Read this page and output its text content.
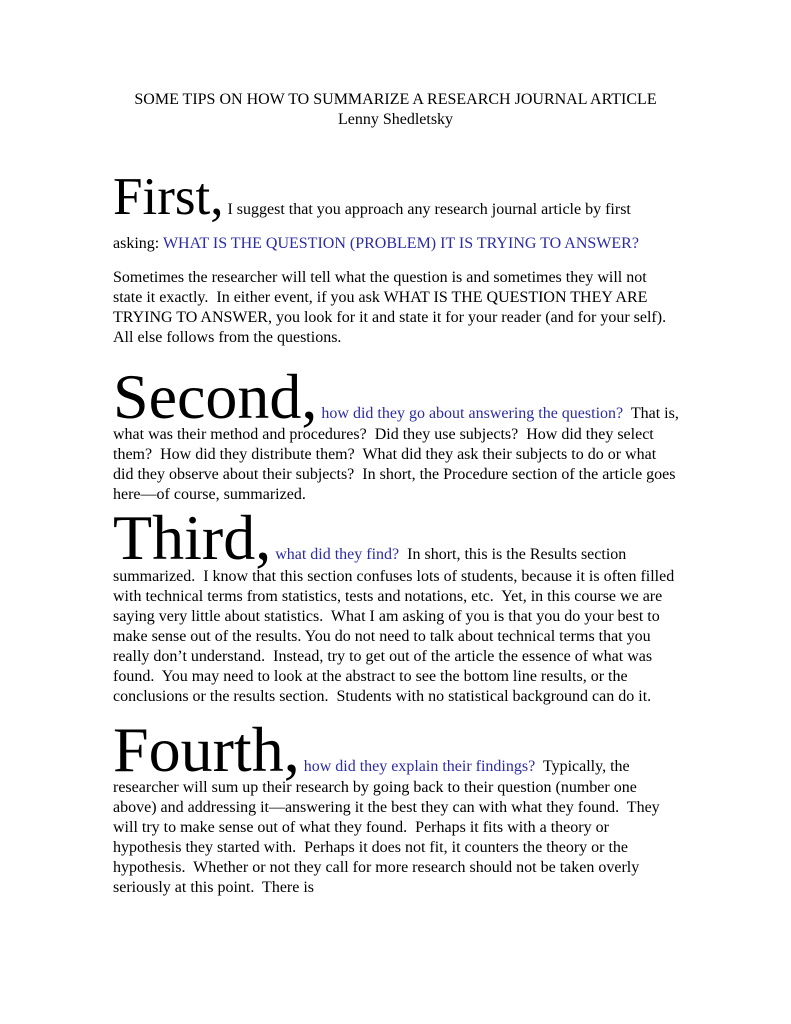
SOME TIPS ON HOW TO SUMMARIZE A RESEARCH JOURNAL ARTICLE
Lenny Shedletsky

First, I suggest that you approach any research journal article by first

asking: WHAT IS THE QUESTION (PROBLEM) IT IS TRYING TO ANSWER?

Sometimes the researcher will tell what the question is and sometimes they will not state it exactly.  In either event, if you ask WHAT IS THE QUESTION THEY ARE TRYING TO ANSWER, you look for it and state it for your reader (and for your self).  All else follows from the questions.

Second, how did they go about answering the question?  That is,

what was their method and procedures?  Did they use subjects?  How did they select them?  How did they distribute them?  What did they ask their subjects to do or what did they observe about their subjects?  In short, the Procedure section of the article goes here—of course, summarized.

Third, what did they find?  In short, this is the Results section

summarized.  I know that this section confuses lots of students, because it is often filled with technical terms from statistics, tests and notations, etc.  Yet, in this course we are saying very little about statistics.  What I am asking of you is that you do your best to make sense out of the results. You do not need to talk about technical terms that you really don’t understand.  Instead, try to get out of the article the essence of what was found.  You may need to look at the abstract to see the bottom line results, or the conclusions or the results section.  Students with no statistical background can do it.

Fourth, how did they explain their findings?  Typically, the

researcher will sum up their research by going back to their question (number one above) and addressing it—answering it the best they can with what they found.  They will try to make sense out of what they found.  Perhaps it fits with a theory or hypothesis they started with.  Perhaps it does not fit, it counters the theory or the hypothesis.  Whether or not they call for more research should not be taken overly seriously at this point.  There is
